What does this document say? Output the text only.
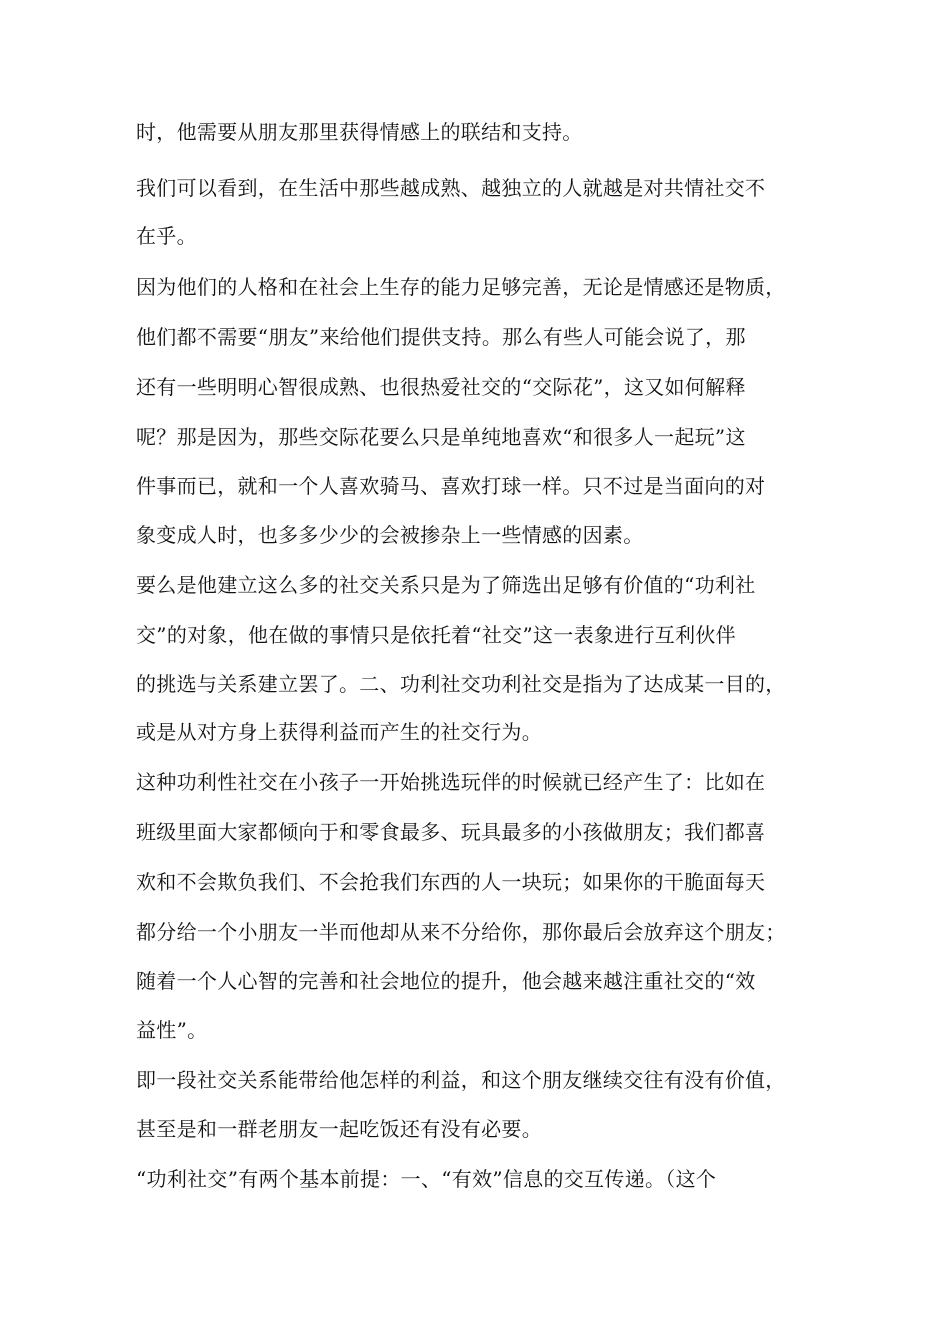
时，他需要从朋友那里获得情感上的联结和支持。
我们可以看到，在生活中那些越成熟、越独立的人就越是对共情社交不
在乎。
因为他们的人格和在社会上生存的能力足够完善，无论是情感还是物质，
他们都不需要“朋友”来给他们提供支持。那么有些人可能会说了，那
还有一些明明心智很成熟、也很热爱社交的“交际花”，这又如何解释
呢？那是因为，那些交际花要么只是单纯地喜欢“和很多人一起玩”这
件事而已，就和一个人喜欢骑马、喜欢打球一样。只不过是当面向的对
象变成人时，也多多少少的会被掺杂上一些情感的因素。
要么是他建立这么多的社交关系只是为了筛选出足够有价值的“功利社
交”的对象，他在做的事情只是依托着“社交”这一表象进行互利伙伴
的挑选与关系建立罢了。二、功利社交功利社交是指为了达成某一目的，
或是从对方身上获得利益而产生的社交行为。
这种功利性社交在小孩子一开始挑选玩伴的时候就已经产生了：比如在
班级里面大家都倾向于和零食最多、玩具最多的小孩做朋友；我们都喜
欢和不会欺负我们、不会抢我们东西的人一块玩；如果你的干脆面每天
都分给一个小朋友一半而他却从来不分给你，那你最后会放弃这个朋友；
随着一个人心智的完善和社会地位的提升，他会越来越注重社交的“效
益性”。
即一段社交关系能带给他怎样的利益，和这个朋友继续交往有没有价值，
甚至是和一群老朋友一起吃饭还有没有必要。
“功利社交”有两个基本前提：一、“有效”信息的交互传递。（这个
